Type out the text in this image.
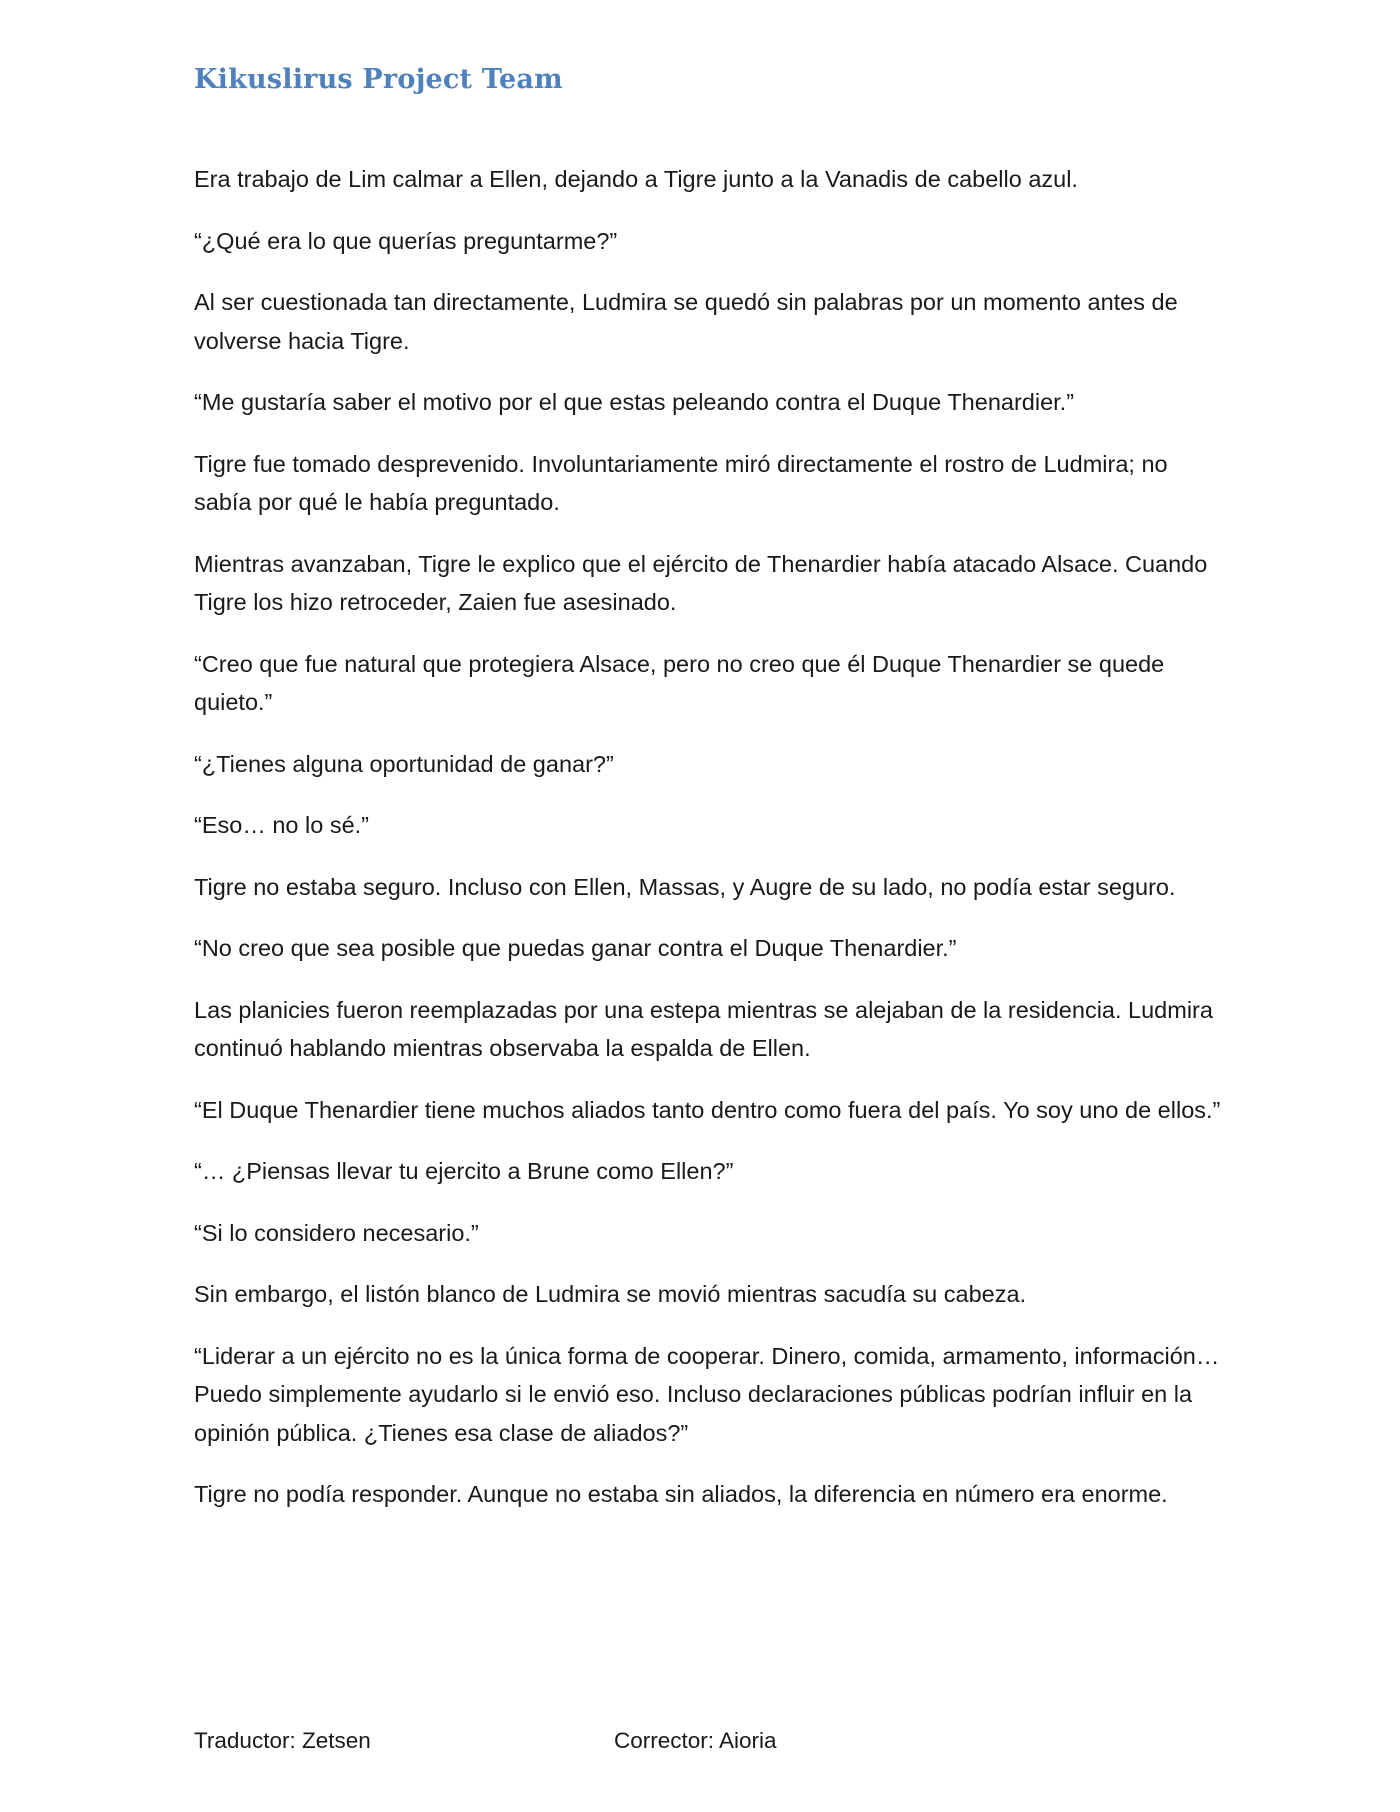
Kikuslirus Project Team

Era trabajo de Lim calmar a Ellen, dejando a Tigre junto a la Vanadis de cabello azul.

“¿Qué era lo que querías preguntarme?”

Al ser cuestionada tan directamente, Ludmira se quedó sin palabras por un momento antes de volverse hacia Tigre.

“Me gustaría saber el motivo por el que estas peleando contra el Duque Thenardier.”

Tigre fue tomado desprevenido. Involuntariamente miró directamente el rostro de Ludmira; no sabía por qué le había preguntado.

Mientras avanzaban, Tigre le explico que el ejército de Thenardier había atacado Alsace. Cuando Tigre los hizo retroceder, Zaien fue asesinado.

“Creo que fue natural que protegiera Alsace, pero no creo que él Duque Thenardier se quede quieto.”

“¿Tienes alguna oportunidad de ganar?”

“Eso… no lo sé.”

Tigre no estaba seguro. Incluso con Ellen, Massas, y Augre de su lado, no podía estar seguro.

“No creo que sea posible que puedas ganar contra el Duque Thenardier.”

Las planicies fueron reemplazadas por una estepa mientras se alejaban de la residencia. Ludmira continuó hablando mientras observaba la espalda de Ellen.

“El Duque Thenardier tiene muchos aliados tanto dentro como fuera del país. Yo soy uno de ellos.”

“… ¿Piensas llevar tu ejercito a Brune como Ellen?”

“Si lo considero necesario.”

Sin embargo, el listón blanco de Ludmira se movió mientras sacudía su cabeza.

“Liderar a un ejército no es la única forma de cooperar. Dinero, comida, armamento, información… Puedo simplemente ayudarlo si le envió eso. Incluso declaraciones públicas podrían influir en la opinión pública. ¿Tienes esa clase de aliados?”

Tigre no podía responder. Aunque no estaba sin aliados, la diferencia en número era enorme.

Traductor: Zetsen	Corrector: Aioria
